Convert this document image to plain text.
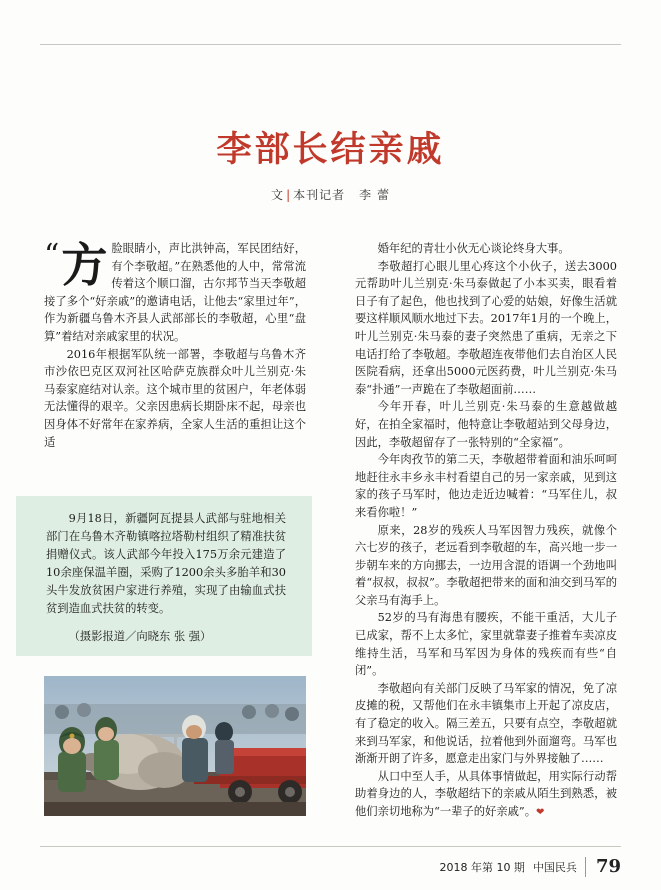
李部长结亲戚
文 | 本刊记者 李 蕾
“ 方 脸眼睛小，声比洪钟高，军民团结好，有个李敬超。”在熟悉他的人中，常常流传着这个顺口溜，古尔邦节当天李敬超接了多个“好亲戚”的邀请电话，让他去“家里过年”，作为新疆乌鲁木齐县人武部部长的李敬超，心里“盘算”着结对亲戚家里的状况。

2016年根据军队统一部署，李敬超与乌鲁木齐市沙依巴克区双河社区哈萨克族群众叶儿兰别克·朱马泰家庭结对认亲。这个城市里的贫困户，年老体弱无法懂得的艰辛。父亲因患病长期卧床不起，母亲也因身体不好常年在家养病，全家人生活的重担让这个适

9月18日，新疆阿瓦提县人武部与驻地相关部门在乌鲁木齐勒镇喀拉塔勒村组织了精准扶贫捐赠仪式。该人武部今年投入175万余元建造了10余座保温羊圈，采购了1200余头多胎羊和30头牛发放贫困户家进行养殖，实现了由输血式扶贫到造血式扶贫的转变。

（摄影报道／向晓东 张 强）

婚年纪的青壮小伙无心谈论终身大事。

李敬超打心眼儿里心疼这个小伙子，送去3000元帮助叶儿兰别克·朱马泰做起了小本买卖，眼看着日子有了起色，他也找到了心爱的姑娘，好像生活就要这样顺风顺水地过下去。2017年1月的一个晚上，叶儿兰别克·朱马泰的妻子突然患了重病，无亲之下电话打给了李敬超。李敬超连夜带他们去自治区人民医院看病，还拿出5000元医药费，叶儿兰别克·朱马泰“扑通”一声跪在了李敬超面前……

今年开春，叶儿兰别克·朱马泰的生意越做越好，在拍全家福时，他特意让李敬超站到父母身边，因此，李敬超留存了一张特别的“全家福”。

今年肉孜节的第二天，李敬超带着面和油乐呵呵地赶往永丰乡永丰村看望自己的另一家亲戚，见到这家的孩子马军时，他边走近边喊着：“马军住儿，叔来看你啦！”

原来，28岁的残疾人马军因智力残疾，就像个六七岁的孩子，老远看到李敬超的车，高兴地一步一步朝车来的方向挪去，一边用含混的语调一个劲地叫着“叔叔，叔叔”。李敬超把带来的面和油交到马军的父亲马有海手上。

52岁的马有海患有腰疾，不能干重活，大儿子已成家，帮不上太多忙，家里就靠妻子推着车卖凉皮维持生活，马军和马军因为身体的残疾而有些“自闭”。

李敬超向有关部门反映了马军家的情况，免了凉皮摊的税，又帮他们在永丰镇集市上开起了凉皮店，有了稳定的收入。隔三差五，只要有点空，李敬超就来到马军家，和他说话，拉着他到外面遛弯。马军也渐渐开朗了许多，愿意走出家门与外界接触了……

从口中至人手，从具体事情做起，用实际行动帮助着身边的人，李敬超结下的亲戚从陌生到熟悉，被他们亲切地称为“一辈子的好亲戚”。❤

2018 年第 10 期 中国民兵	79
